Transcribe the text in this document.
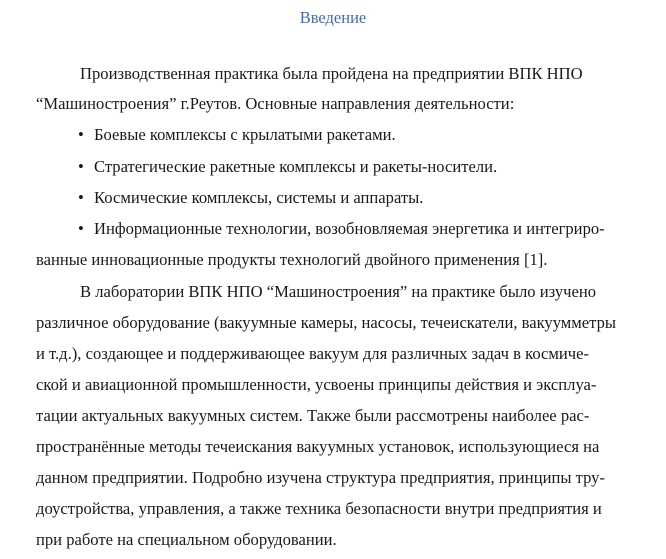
Введение

Производственная практика была пройдена на предприятии ВПК НПО

“Машиностроения” г.Реутов. Основные направления деятельности:

• Боевые комплексы с крылатыми ракетами.

• Стратегические ракетные комплексы и ракеты-носители.

• Космические комплексы, системы и аппараты.

• Информационные технологии, возобновляемая энергетика и интегриро-

ванные инновационные продукты технологий двойного применения [1].

В лаборатории ВПК НПО “Машиностроения” на практике было изучено

различное оборудование (вакуумные камеры, насосы, течеискатели, вакуумметры

и т.д.), создающее и поддерживающее вакуум для различных задач в космиче-

ской и авиационной промышленности, усвоены принципы действия и эксплуа-

тации актуальных вакуумных систем. Также были рассмотрены наиболее рас-

пространённые методы течеискания вакуумных установок, использующиеся на

данном предприятии. Подробно изучена структура предприятия, принципы тру-

доустройства, управления, а также техника безопасности внутри предприятия и

при работе на специальном оборудовании.
